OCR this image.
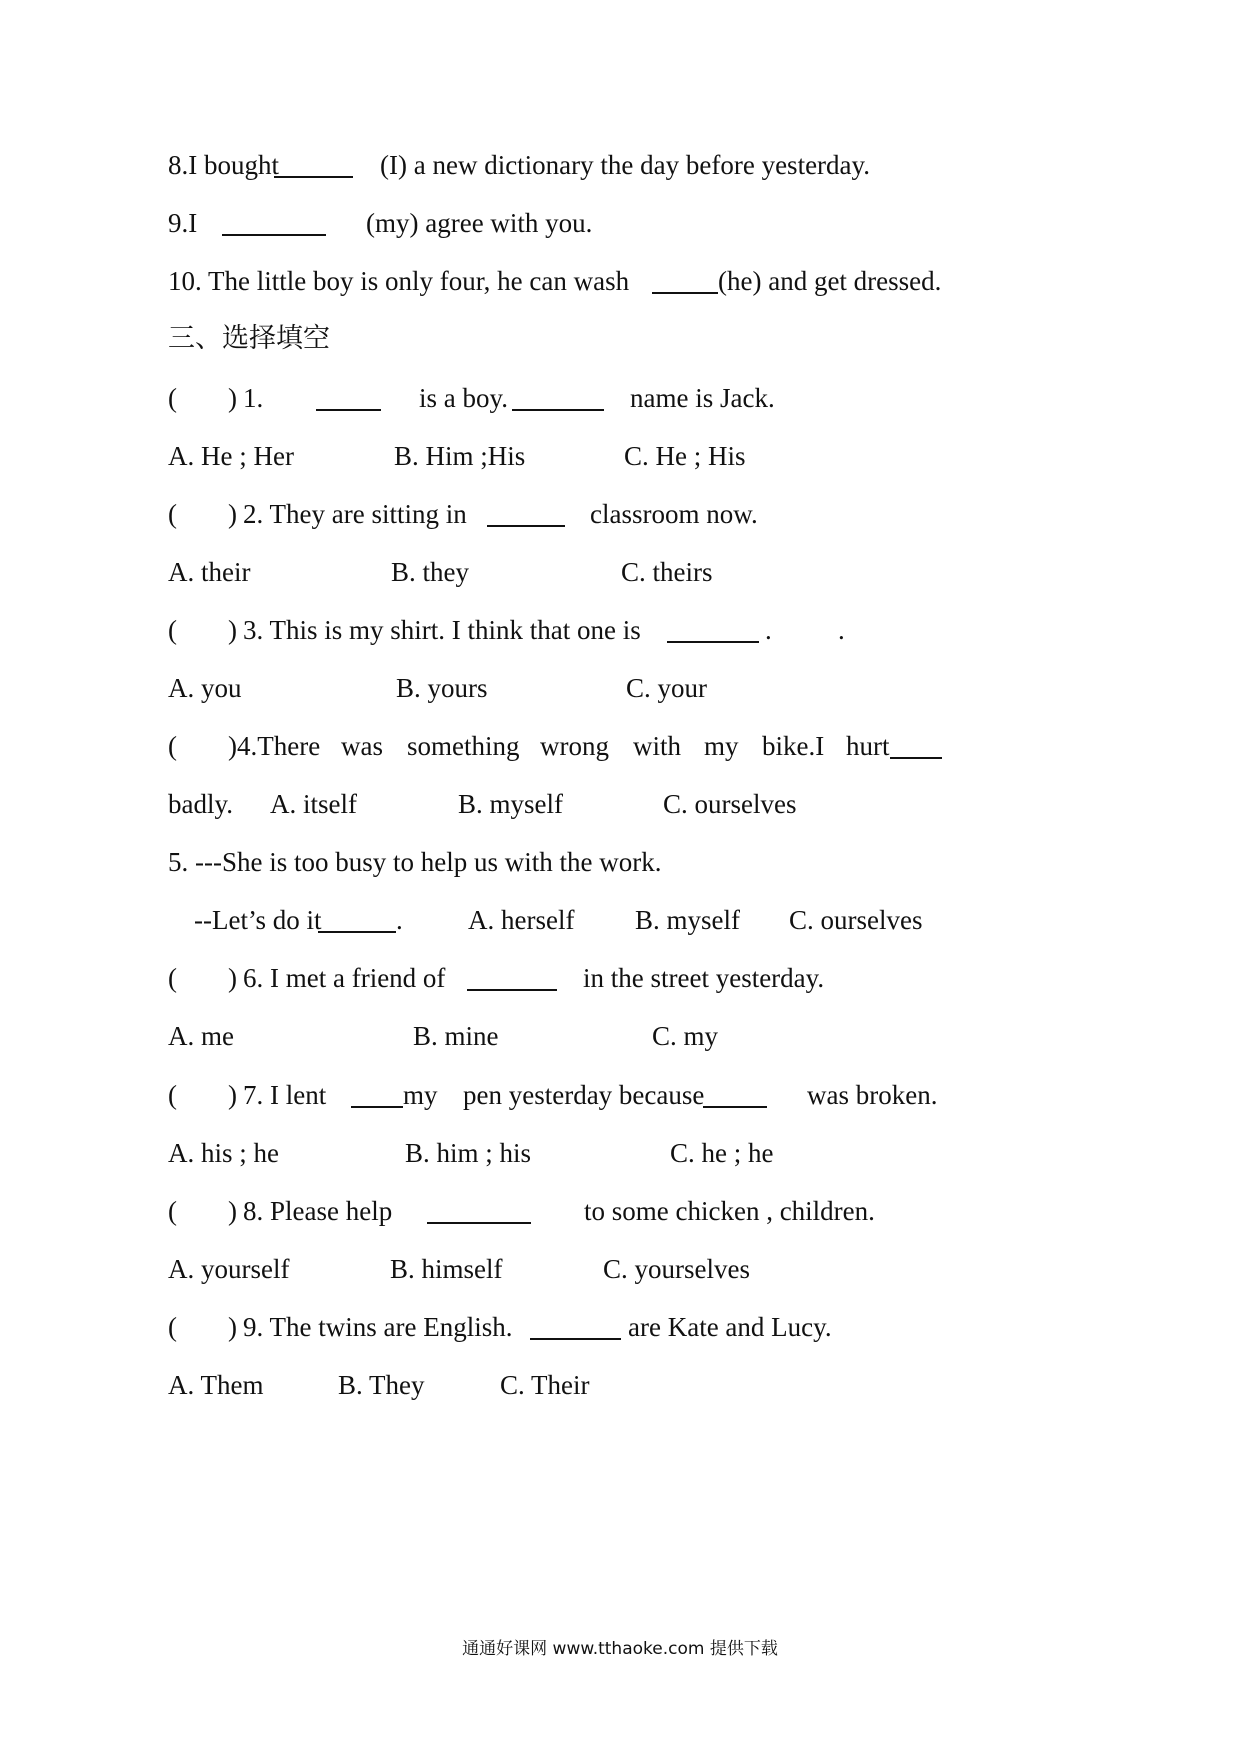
8.I bought

	(I) a new dictionary the day before yesterday.

9.I

	(my) agree with you.

10. The little boy is only four, he can wash

	(he) and get dressed.

三、选择填空

(

)

1.

	is a boy.

	name is Jack.

A. He ; Her

	B. Him ;His

	C. He ; His

(

)

2. They are sitting in

	classroom now.

A. their

	B. they

	C. theirs

(

)

3. This is my shirt. I think that one is

	.

.

A. you

	B. yours

	C. your

(

)4.There

was

something

wrong

with

my

bike.I

hurt

badly.

A. itself

	B. myself

	C. ourselves

5. ---She is too busy to help us with the work.

--Let’s do it

	.

A. herself

B. myself

C. ourselves

(

)

6. I met a friend of

	in the street yesterday.

A. me

	B. mine

	C. my

(

)

7. I lent

	my

pen yesterday because

	was broken.

A. his ; he

	B. him ; his

	C. he ; he

(

)

8. Please help

	to some chicken , children.

A. yourself

	B. himself

	C. yourselves

(

)

9. The twins are English.

	are Kate and Lucy.

A. Them

	B. They

	C. Their

通通好课网 www.tthaoke.com 提供下载
